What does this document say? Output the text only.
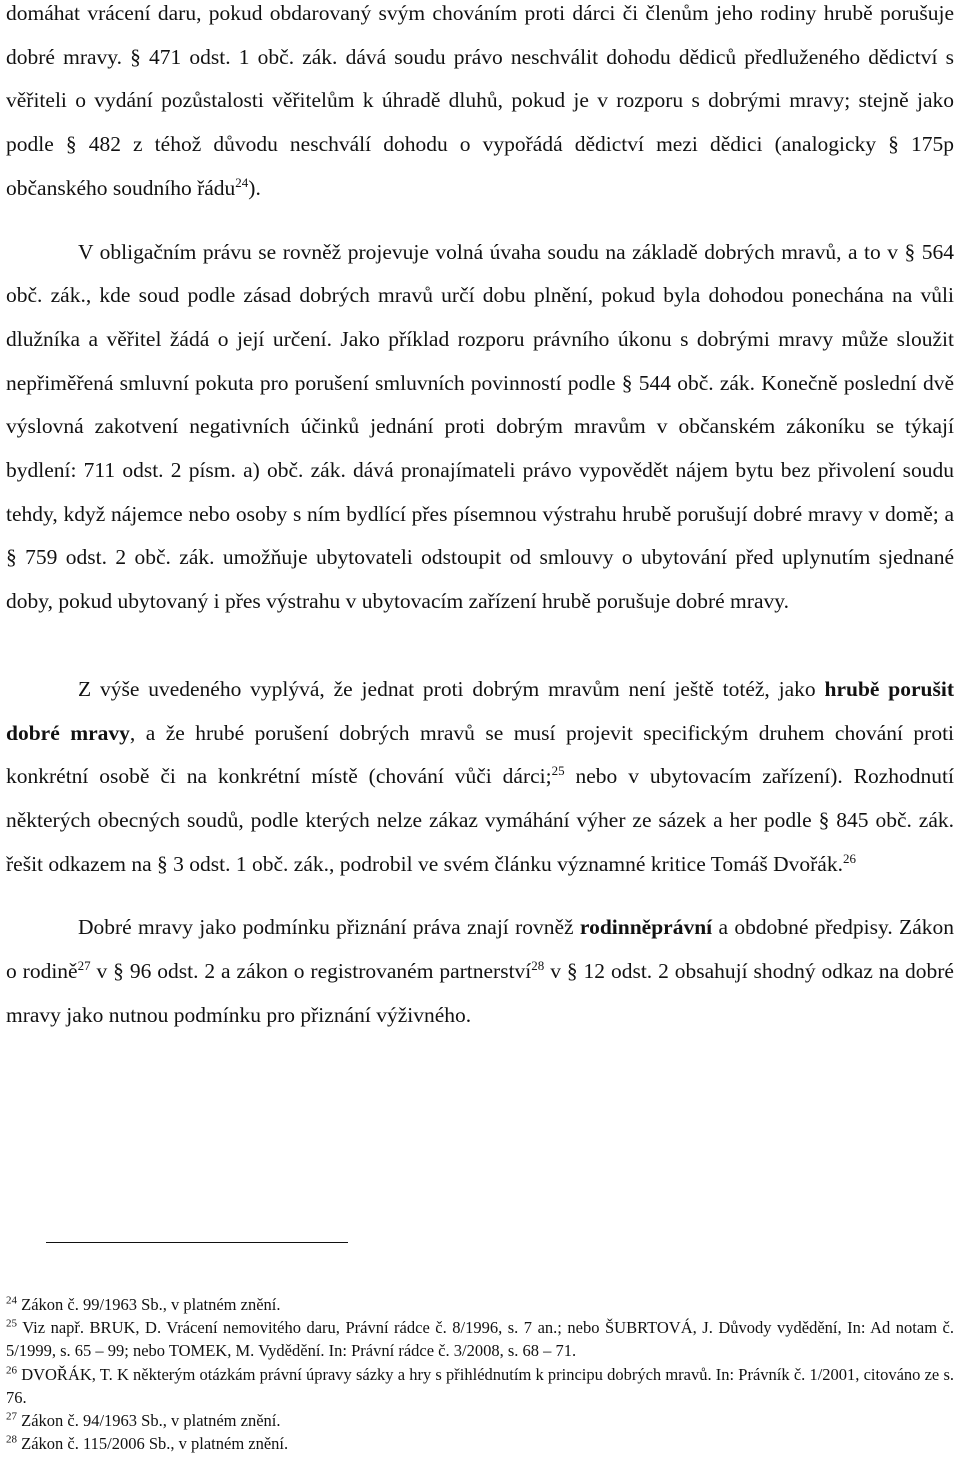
domáhat vrácení daru, pokud obdarovaný svým chováním proti dárci či členům jeho rodiny hrubě porušuje dobré mravy. § 471 odst. 1 obč. zák. dává soudu právo neschválit dohodu dědiců předluženého dědictví s věřiteli o vydání pozůstalosti věřitelům k úhradě dluhů, pokud je v rozporu s dobrými mravy; stejně jako podle § 482 z téhož důvodu neschválí dohodu o vypořádá dědictví mezi dědici (analogicky § 175p občanského soudního řádu$^{24}$).

V obligačním právu se rovněž projevuje volná úvaha soudu na základě dobrých mravů, a to v § 564 obč. zák., kde soud podle zásad dobrých mravů určí dobu plnění, pokud byla dohodou ponechána na vůli dlužníka a věřitel žádá o její určení. Jako příklad rozporu právního úkonu s dobrými mravy může sloužit nepřiměřená smluvní pokuta pro porušení smluvních povinností podle § 544 obč. zák. Konečně poslední dvě výslovná zakotvení negativních účinků jednání proti dobrým mravům v občanském zákoníku se týkají bydlení: 711 odst. 2 písm. a) obč. zák. dává pronajímateli právo vypovědět nájem bytu bez přivolení soudu tehdy, když nájemce nebo osoby s ním bydlící přes písemnou výstrahu hrubě porušují dobré mravy v domě; a § 759 odst. 2 obč. zák. umožňuje ubytovateli odstoupit od smlouvy o ubytování před uplynutím sjednané doby, pokud ubytovaný i přes výstrahu v ubytovacím zařízení hrubě porušuje dobré mravy.

Z výše uvedeného vyplývá, že jednat proti dobrým mravům není ještě totéž, jako hrubě porušit dobré mravy, a že hrubé porušení dobrých mravů se musí projevit specifickým druhem chování proti konkrétní osobě či na konkrétní místě (chování vůči dárci;$^{25}$ nebo v ubytovacím zařízení). Rozhodnutí některých obecných soudů, podle kterých nelze zákaz vymáhání výher ze sázek a her podle § 845 obč. zák. řešit odkazem na § 3 odst. 1 obč. zák., podrobil ve svém článku významné kritice Tomáš Dvořák.$^{26}$

Dobré mravy jako podmínku přiznání práva znají rovněž rodinněprávní a obdobné předpisy. Zákon o rodině$^{27}$ v § 96 odst. 2 a zákon o registrovaném partnerství$^{28}$ v § 12 odst. 2 obsahují shodný odkaz na dobré mravy jako nutnou podmínku pro přiznání výživného.

$^{24}$ Zákon č. 99/1963 Sb., v platném znění.

$^{25}$ Viz např. BRUK, D. Vrácení nemovitého daru, Právní rádce č. 8/1996, s. 7 an.; nebo ŠUBRTOVÁ, J. Důvody vydědění, In: Ad notam č. 5/1999, s. 65 – 99; nebo TOMEK, M. Vydědění. In: Právní rádce č. 3/2008, s. 68 – 71.

$^{26}$ DVOŘÁK, T. K některým otázkám právní úpravy sázky a hry s přihlédnutím k principu dobrých mravů. In: Právník č. 1/2001, citováno ze s. 76.

$^{27}$ Zákon č. 94/1963 Sb., v platném znění.

$^{28}$ Zákon č. 115/2006 Sb., v platném znění.
